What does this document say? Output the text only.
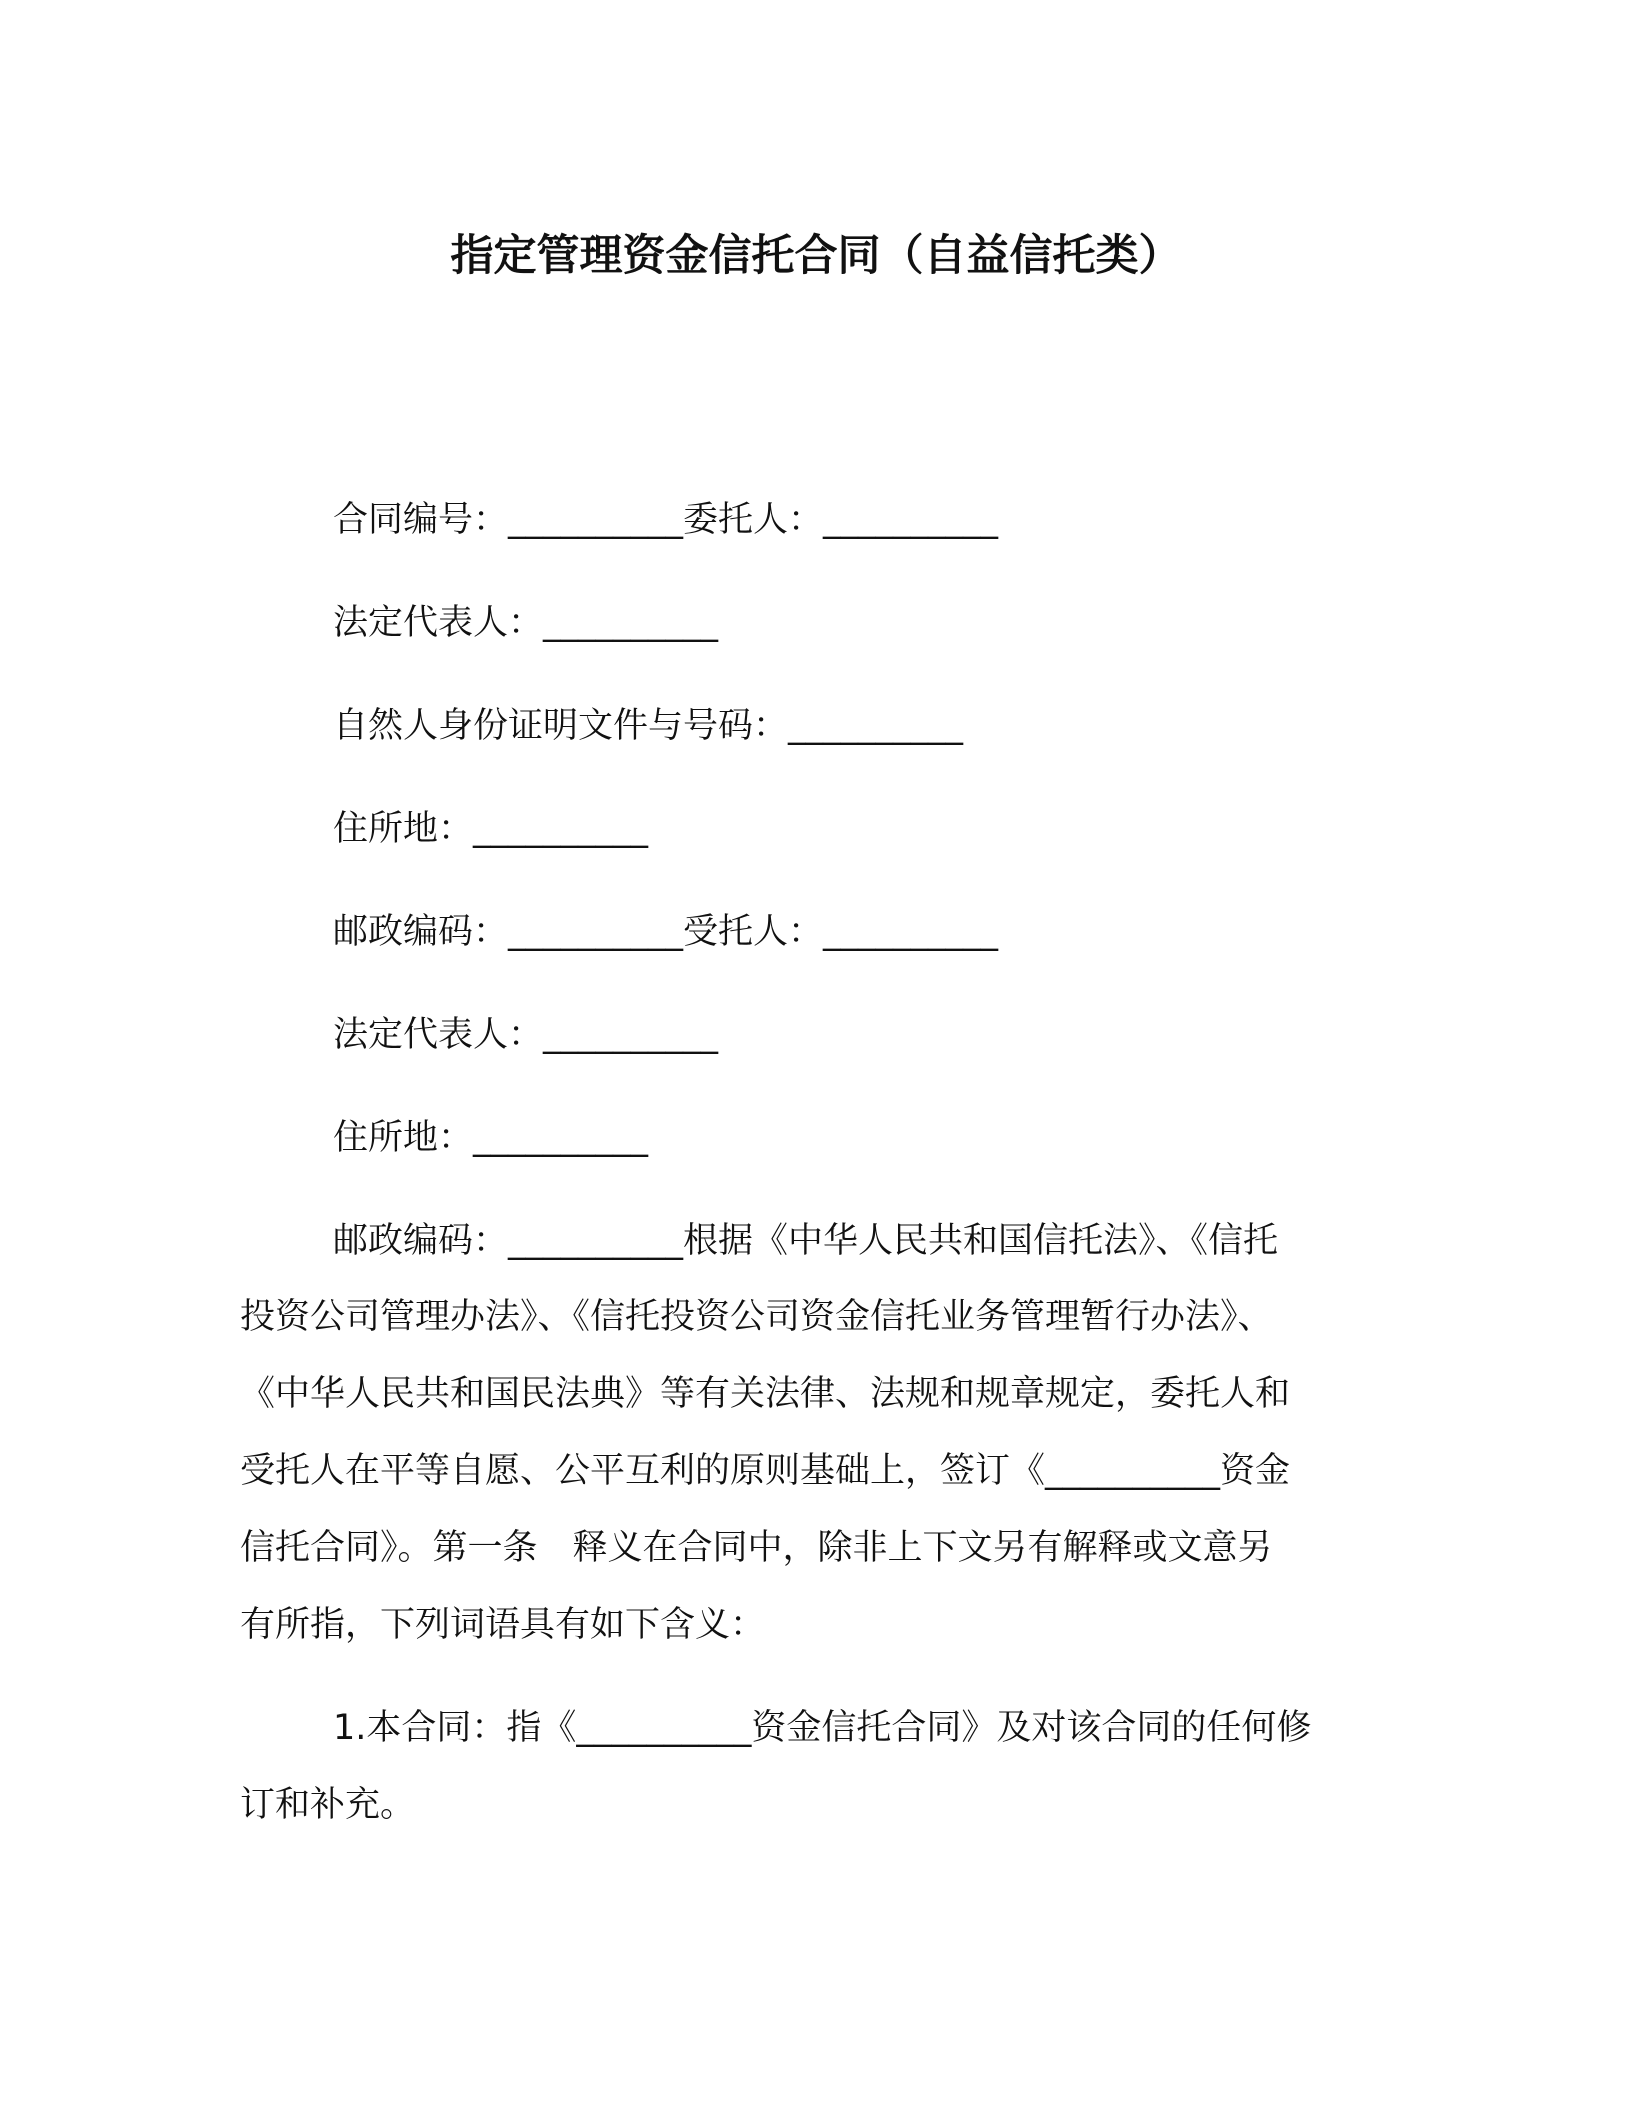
指定管理资金信托合同（自益信托类）
合同编号：__________委托人：__________
法定代表人：__________
自然人身份证明文件与号码：__________
住所地：__________
邮政编码：__________受托人：__________
法定代表人：__________
住所地：__________
邮政编码：__________根据《中华人民共和国信托法》、《信托
投资公司管理办法》、《信托投资公司资金信托业务管理暂行办法》、
《中华人民共和国民法典》等有关法律、法规和规章规定，委托人和
受托人在平等自愿、公平互利的原则基础上，签订《__________资金
信托合同》。第一条　释义在合同中，除非上下文另有解释或文意另
有所指，下列词语具有如下含义：
1.本合同：指《__________资金信托合同》及对该合同的任何修
订和补充。
